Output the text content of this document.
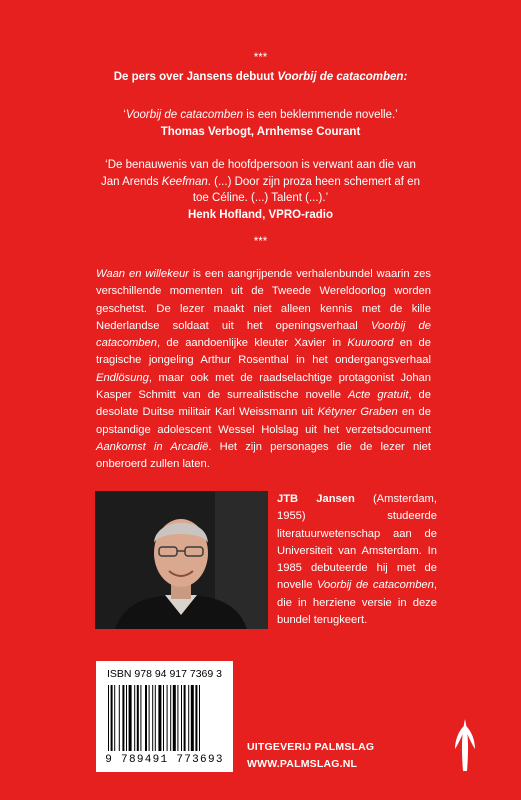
***
De pers over Jansens debuut Voorbij de catacomben:
‘Voorbij de catacomben is een beklemmende novelle.’
Thomas Verbogt, Arnhemse Courant
‘De benauwenis van de hoofdpersoon is verwant aan die van
Jan Arends Keefman. (...) Door zijn proza heen schemert af en
toe Céline. (...) Talent (...).’
Henk Hofland, VPRO-radio
***
Waan en willekeur is een aangrijpende verhalenbundel waarin zes verschillende momenten uit de Tweede Wereldoorlog worden geschetst. De lezer maakt niet alleen kennis met de kille Nederlandse soldaat uit het openingsverhaal Voorbij de catacomben, de aandoenlijke kleuter Xavier in Kuuroord en de tragische jongeling Arthur Rosenthal in het ondergangsverhaal Endlösung, maar ook met de raadselachtige protagonist Johan Kasper Schmitt van de surrealistische novelle Acte gratuit, de desolate Duitse militair Karl Weissmann uit Kétyner Graben en de opstandige adolescent Wessel Holslag uit het verzetsdocument Aankomst in Arcadië. Het zijn personages die de lezer niet onberoerd zullen laten.
JTB Jansen (Amsterdam, 1955) studeerde literatuurwetenschap aan de Universiteit van Amsterdam. In 1985 debuteerde hij met de novelle Voorbij de catacomben, die in herziene versie in deze bundel terugkeert.
ISBN 978 94 917 7369 3
9 789491 773693
UITGEVERIJ PALMSLAG
WWW.PALMSLAG.NL
